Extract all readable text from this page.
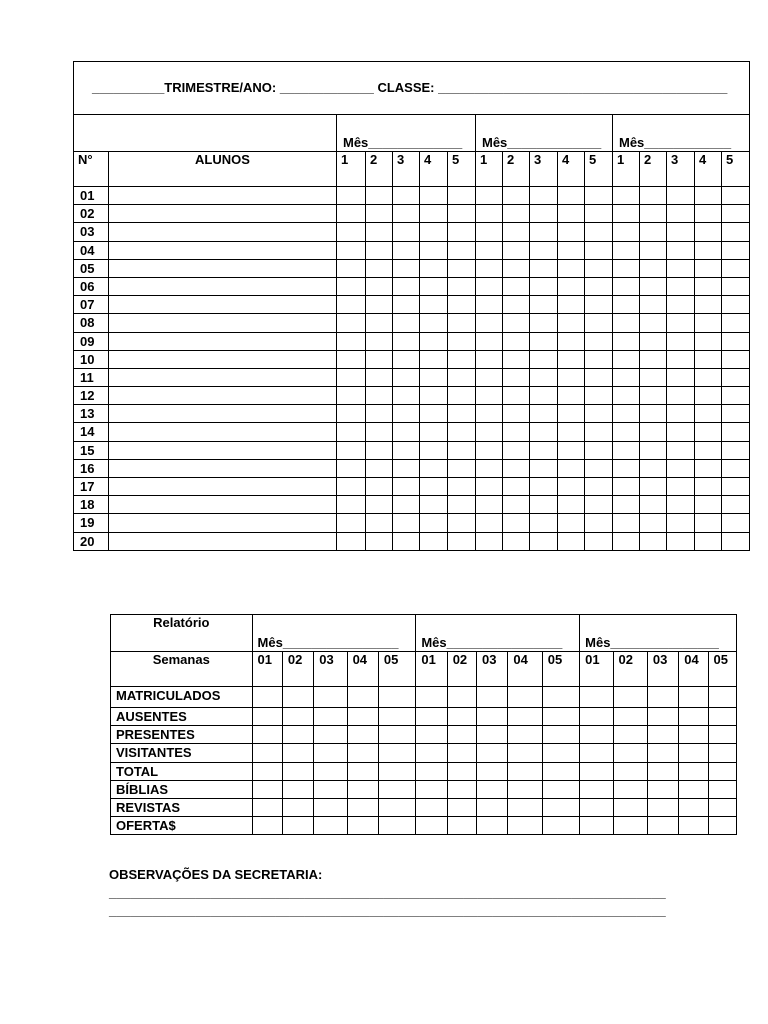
__________TRIMESTRE/ANO: _____________ CLASSE: ________________________________________																
		Mês_____________					Mês_____________					Mês____________				
N°	ALUNOS	1	2	3	4	5	1	2	3	4	5	1	2	3	4	5
01																
02																
03																
04																
05																
06																
07																
08																
09																
10																
11																
12																
13																
14																
15																
16																
17																
18																
19																
20																
Relatório	Mês________________					Mês________________					Mês_______________				
Semanas	01	02	03	04	05	01	02	03	04	05	01	02	03	04	05
MATRICULADOS															
AUSENTES															
PRESENTES															
VISITANTES															
TOTAL															
BÍBLIAS															
REVISTAS															
OFERTA$															
OBSERVAÇÕES DA SECRETARIA:
_____________________________________________________________________________
_____________________________________________________________________________
